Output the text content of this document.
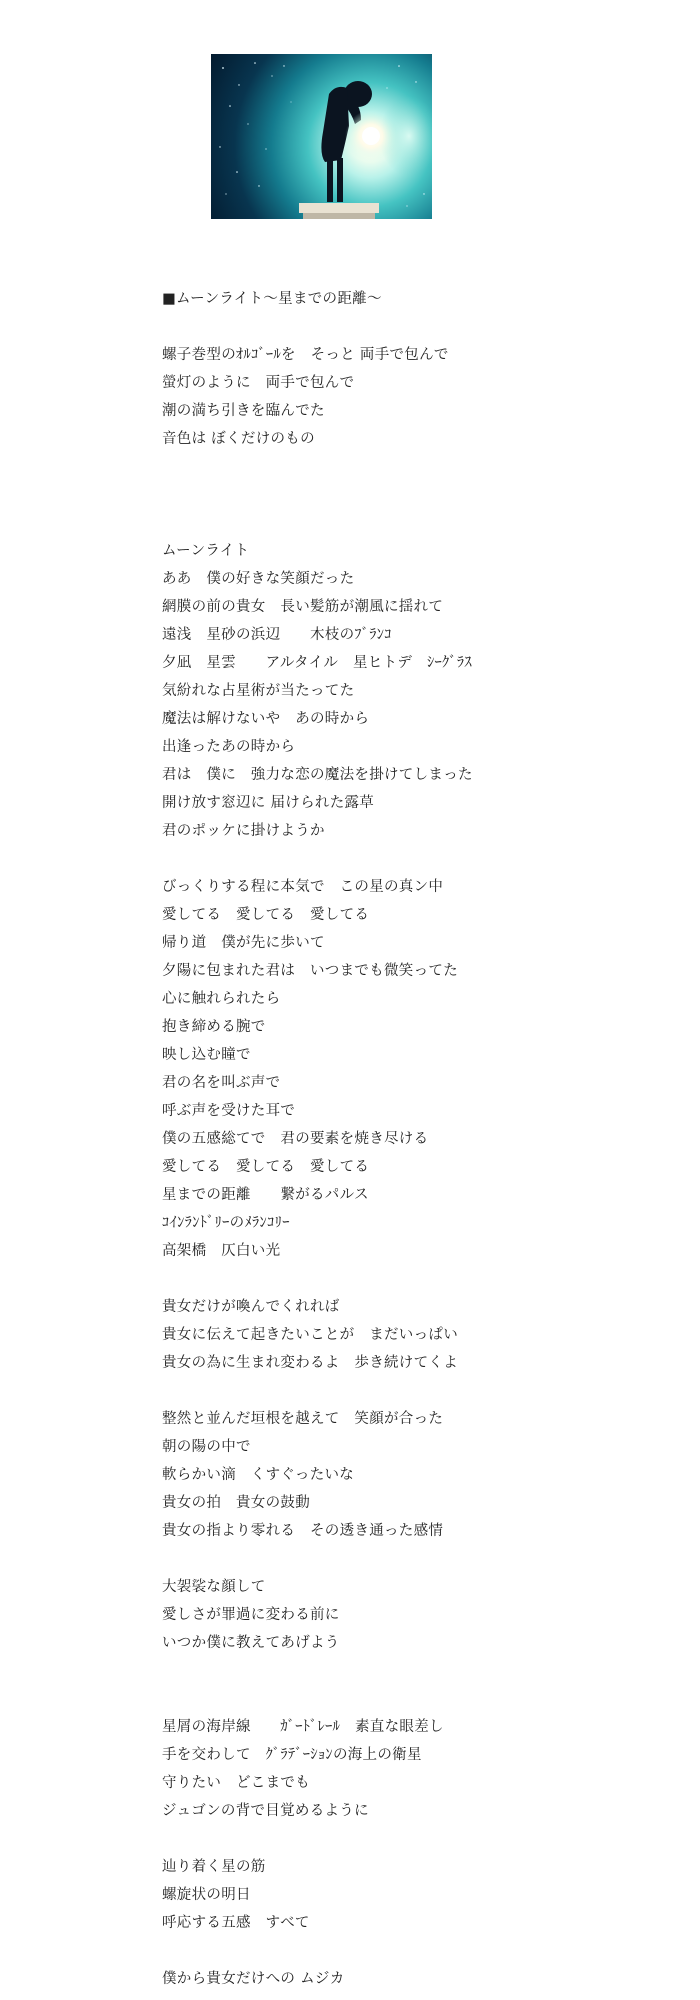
■ムーンライト〜星までの距離〜
螺子巻型のｵﾙｺﾞｰﾙを　そっと 両手で包んで
螢灯のように　両手で包んで
潮の満ち引きを臨んでた
音色は ぼくだけのもの
ムーンライト
ああ　僕の好きな笑顔だった
網膜の前の貴女　長い髪筋が潮風に揺れて
遠浅　星砂の浜辺　　木枝のﾌﾞﾗﾝｺ
夕凪　星雲　　アルタイル　星ヒトデ　ｼｰｸﾞﾗｽ
気紛れな占星術が当たってた
魔法は解けないや　あの時から
出逢ったあの時から
君は　僕に　強力な恋の魔法を掛けてしまった
開け放す窓辺に 届けられた露草
君のポッケに掛けようか
びっくりする程に本気で　この星の真ン中
愛してる　愛してる　愛してる
帰り道　僕が先に歩いて
夕陽に包まれた君は　いつまでも微笑ってた
心に触れられたら
抱き締める腕で
映し込む瞳で
君の名を叫ぶ声で
呼ぶ声を受けた耳で
僕の五感総てで　君の要素を焼き尽ける
愛してる　愛してる　愛してる
星までの距離　　繋がるパルス
ｺｲﾝﾗﾝﾄﾞﾘｰのﾒﾗﾝｺﾘｰ
高架橋　仄白い光
貴女だけが喚んでくれれば
貴女に伝えて起きたいことが　まだいっぱい
貴女の為に生まれ変わるよ　歩き続けてくよ
整然と並んだ垣根を越えて　笑顔が合った
朝の陽の中で
軟らかい滴　くすぐったいな
貴女の拍　貴女の鼓動
貴女の指より零れる　その透き通った感情
大袈裟な顔して
愛しさが罪過に変わる前に
いつか僕に教えてあげよう
星屑の海岸線　　ｶﾞｰﾄﾞﾚｰﾙ　素直な眼差し
手を交わして　ｸﾞﾗﾃﾞｰｼｮﾝの海上の衛星
守りたい　どこまでも
ジュゴンの背で目覚めるように
辿り着く星の筋
螺旋状の明日
呼応する五感　すべて
僕から貴女だけへの ムジカ
